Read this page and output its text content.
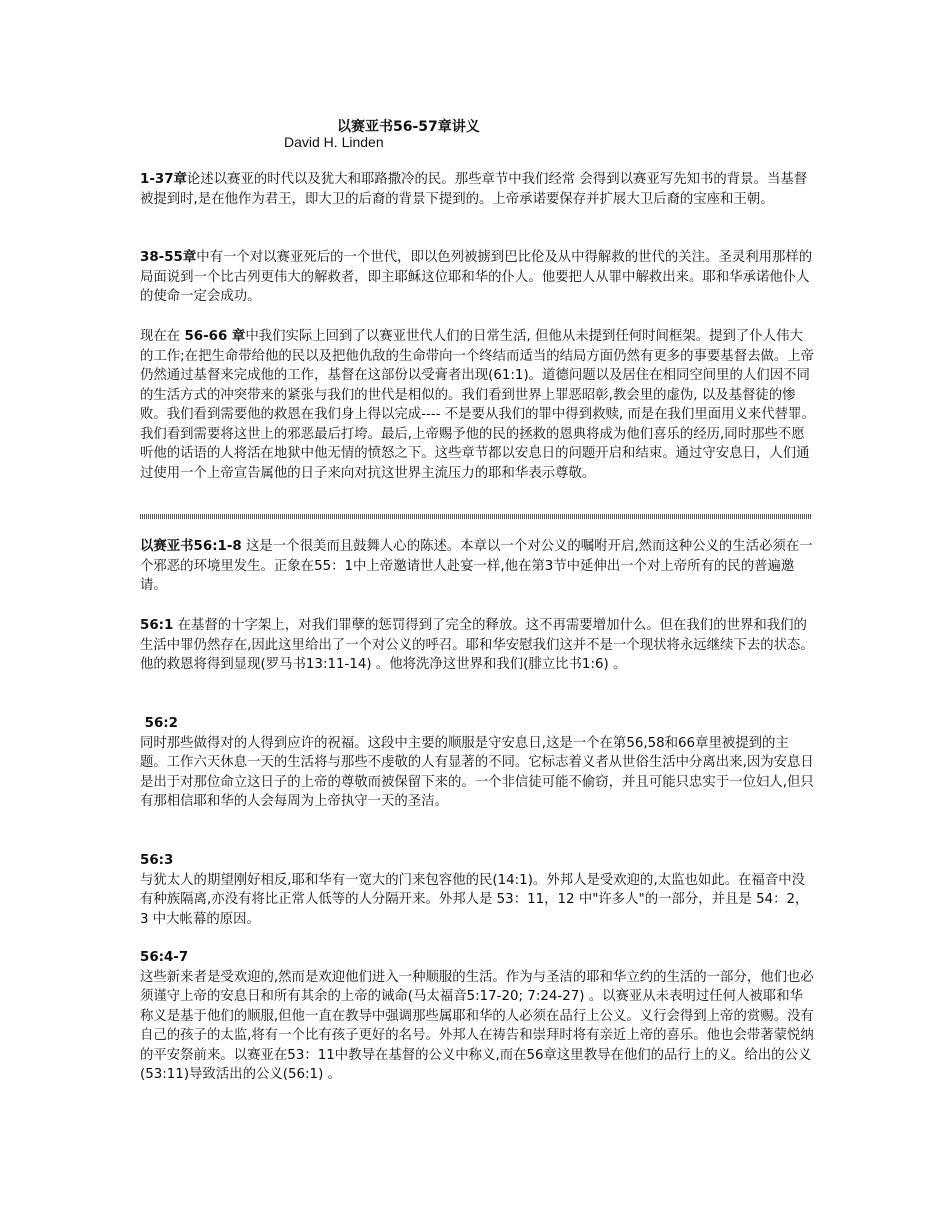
以赛亚书56-57章讲义
David H. Linden
1-37章论述以赛亚的时代以及犹大和耶路撒冷的民。那些章节中我们经常 会得到以赛亚写先知书的背景。当基督被提到时,是在他作为君王，即大卫的后裔的背景下提到的。上帝承诺要保存并扩展大卫后裔的宝座和王朝。
38-55章中有一个对以赛亚死后的一个世代，即以色列被掳到巴比伦及从中得解救的世代的关注。圣灵利用那样的局面说到一个比古列更伟大的解救者，即主耶稣这位耶和华的仆人。他要把人从罪中解救出来。耶和华承诺他仆人的使命一定会成功。
现在在 56-66 章中我们实际上回到了以赛亚世代人们的日常生活, 但他从未提到任何时间框架。提到了仆人伟大的工作;在把生命带给他的民以及把他仇敌的生命带向一个终结而适当的结局方面仍然有更多的事要基督去做。上帝仍然通过基督来完成他的工作，基督在这部份以受膏者出现(61:1)。道德问题以及居住在相同空间里的人们因不同的生活方式的冲突带来的紧张与我们的世代是相似的。我们看到世界上罪恶昭彰,教会里的虚伪, 以及基督徒的惨败。我们看到需要他的救恩在我们身上得以完成---- 不是要从我们的罪中得到救赎, 而是在我们里面用义来代替罪。我们看到需要将这世上的邪恶最后打垮。最后,上帝赐予他的民的拯救的恩典将成为他们喜乐的经历,同时那些不愿听他的话语的人将活在地狱中他无情的愤怒之下。这些章节都以安息日的问题开启和结束。通过守安息日，人们通过使用一个上帝宣告属他的日子来向对抗这世界主流压力的耶和华表示尊敬。
以赛亚书56:1-8 这是一个很美而且鼓舞人心的陈述。本章以一个对公义的嘱咐开启,然而这种公义的生活必须在一个邪恶的环境里发生。正象在55：1中上帝邀请世人赴宴一样,他在第3节中延伸出一个对上帝所有的民的普遍邀请。
56:1 在基督的十字架上，对我们罪孽的惩罚得到了完全的释放。这不再需要增加什么。但在我们的世界和我们的生活中罪仍然存在,因此这里给出了一个对公义的呼召。耶和华安慰我们这并不是一个现状将永远继续下去的状态。他的救恩将得到显现(罗马书13:11-14) 。他将洗净这世界和我们(腓立比书1:6) 。
56:2
同时那些做得对的人得到应许的祝福。这段中主要的顺服是守安息日,这是一个在第56,58和66章里被提到的主题。工作六天休息一天的生活将与那些不虔敬的人有显著的不同。它标志着义者从世俗生活中分离出来,因为安息日是出于对那位命立这日子的上帝的尊敬而被保留下来的。一个非信徒可能不偷窃，并且可能只忠实于一位妇人,但只有那相信耶和华的人会每周为上帝执守一天的圣洁。
56:3
与犹太人的期望刚好相反,耶和华有一宽大的门来包容他的民(14:1)。外邦人是受欢迎的,太监也如此。在福音中没有种族隔离,亦没有将比正常人低等的人分隔开来。外邦人是 53：11，12 中"许多人"的一部分，并且是 54：2，3 中大帐幕的原因。
56:4-7
这些新来者是受欢迎的,然而是欢迎他们进入一种顺服的生活。作为与圣洁的耶和华立约的生活的一部分，他们也必须谨守上帝的安息日和所有其余的上帝的诫命(马太福音5:17-20; 7:24-27) 。以赛亚从未表明过任何人被耶和华称义是基于他们的顺服,但他一直在教导中强调那些属耶和华的人必须在品行上公义。义行会得到上帝的赏赐。没有自己的孩子的太监,将有一个比有孩子更好的名号。外邦人在祷告和崇拜时将有亲近上帝的喜乐。他也会带著蒙悦纳的平安祭前来。以赛亚在53：11中教导在基督的公义中称义,而在56章这里教导在他们的品行上的义。给出的公义(53:11)导致活出的公义(56:1) 。
